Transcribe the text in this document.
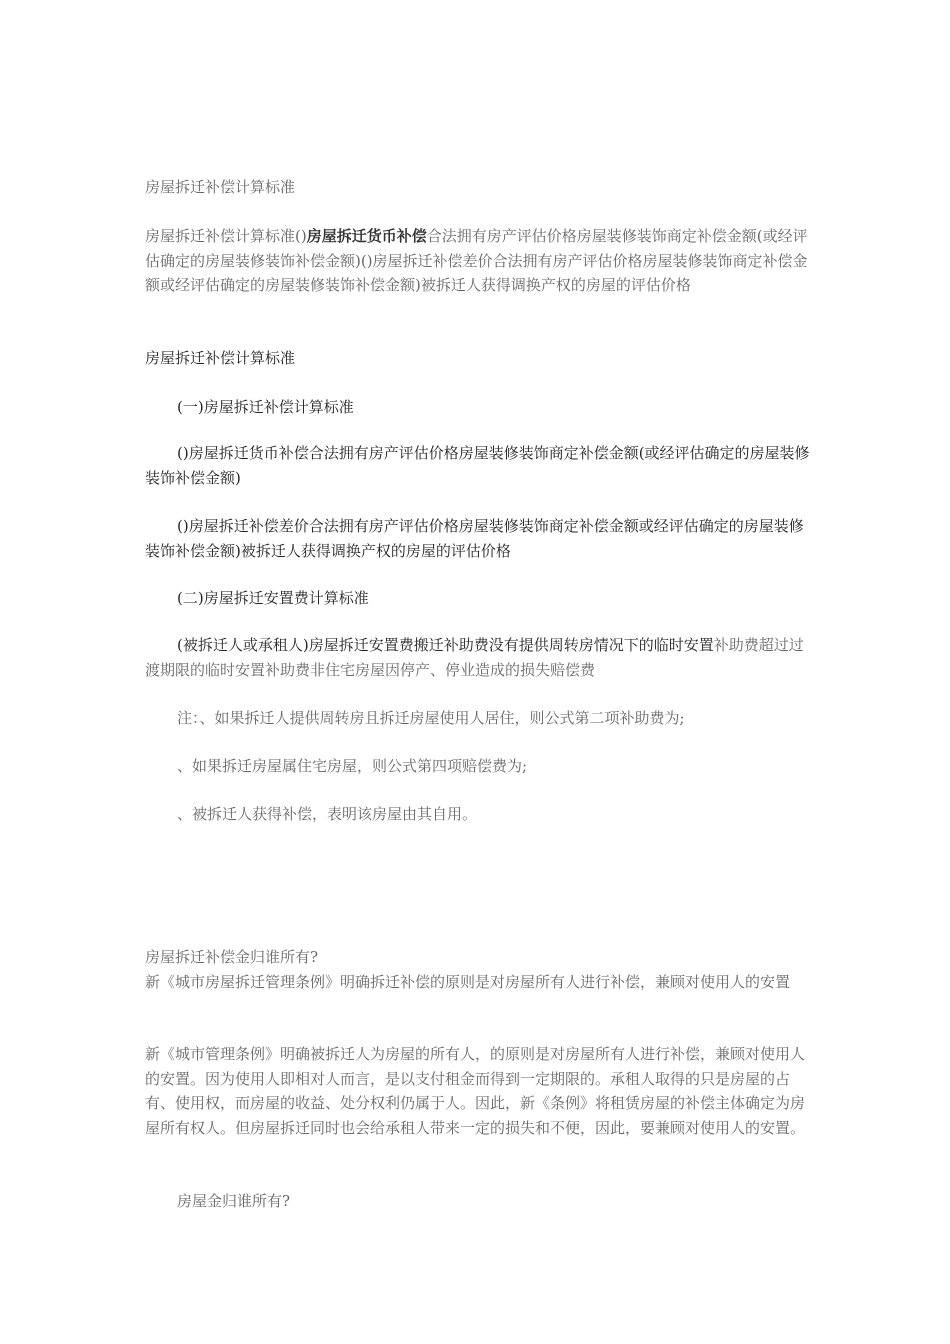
房屋拆迁补偿计算标准

房屋拆迁补偿计算标准()房屋拆迁货币补偿合法拥有房产评估价格房屋装修装饰商定补偿金额(或经评估确定的房屋装修装饰补偿金额)()房屋拆迁补偿差价合法拥有房产评估价格房屋装修装饰商定补偿金额或经评估确定的房屋装修装饰补偿金额)被拆迁人获得调换产权的房屋的评估价格

房屋拆迁补偿计算标准

(一)房屋拆迁补偿计算标准

()房屋拆迁货币补偿合法拥有房产评估价格房屋装修装饰商定补偿金额(或经评估确定的房屋装修装饰补偿金额)

()房屋拆迁补偿差价合法拥有房产评估价格房屋装修装饰商定补偿金额或经评估确定的房屋装修装饰补偿金额)被拆迁人获得调换产权的房屋的评估价格

(二)房屋拆迁安置费计算标准

(被拆迁人或承租人)房屋拆迁安置费搬迁补助费没有提供周转房情况下的临时安置补助费超过过渡期限的临时安置补助费非住宅房屋因停产、停业造成的损失赔偿费

注：、如果拆迁人提供周转房且拆迁房屋使用人居住，则公式第二项补助费为;

、如果拆迁房屋属住宅房屋，则公式第四项赔偿费为;

、被拆迁人获得补偿，表明该房屋由其自用。

房屋拆迁补偿金归谁所有?

新《城市房屋拆迁管理条例》明确拆迁补偿的原则是对房屋所有人进行补偿，兼顾对使用人的安置

新《城市管理条例》明确被拆迁人为房屋的所有人，的原则是对房屋所有人进行补偿，兼顾对使用人的安置。因为使用人即相对人而言，是以支付租金而得到一定期限的。承租人取得的只是房屋的占有、使用权，而房屋的收益、处分权利仍属于人。因此，新《条例》将租赁房屋的补偿主体确定为房屋所有权人。但房屋拆迁同时也会给承租人带来一定的损失和不便，因此，要兼顾对使用人的安置。

房屋金归谁所有?
